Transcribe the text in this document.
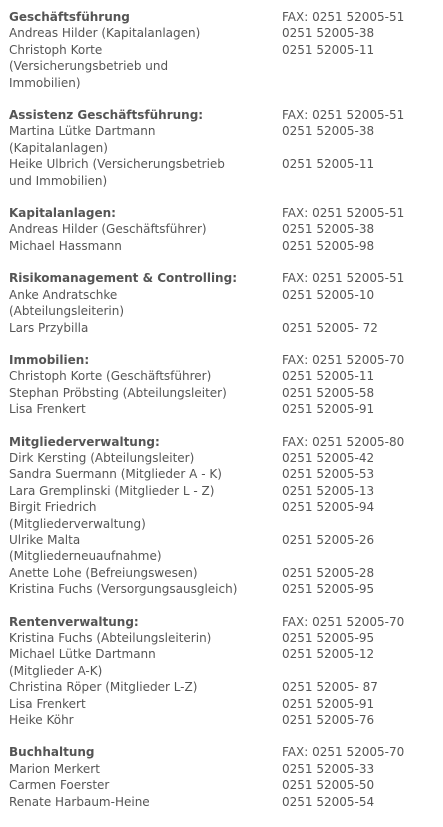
Geschäftsführung	FAX: 0251 52005-51
Andreas Hilder (Kapitalanlagen)	0251 52005-38
Christoph Korte	0251 52005-11
(Versicherungsbetrieb und
Immobilien)
Assistenz Geschäftsführung:	FAX: 0251 52005-51
Martina Lütke Dartmann	0251 52005-38
(Kapitalanlagen)
Heike Ulbrich (Versicherungsbetrieb	0251 52005-11
und Immobilien)
Kapitalanlagen:	FAX: 0251 52005-51
Andreas Hilder (Geschäftsführer)	0251 52005-38
Michael Hassmann	0251 52005-98
Risikomanagement & Controlling:	FAX: 0251 52005-51
Anke Andratschke	0251 52005-10
(Abteilungsleiterin)
Lars Przybilla	0251 52005- 72
Immobilien:	FAX: 0251 52005-70
Christoph Korte (Geschäftsführer)	0251 52005-11
Stephan Pröbsting (Abteilungsleiter)	0251 52005-58
Lisa Frenkert	0251 52005-91
Mitgliederverwaltung:	FAX: 0251 52005-80
Dirk Kersting (Abteilungsleiter)	0251 52005-42
Sandra Suermann (Mitglieder A - K)	0251 52005-53
Lara Gremplinski (Mitglieder L - Z)	0251 52005-13
Birgit Friedrich	0251 52005-94
(Mitgliederverwaltung)
Ulrike Malta	0251 52005-26
(Mitgliederneuaufnahme)
Anette Lohe (Befreiungswesen)	0251 52005-28
Kristina Fuchs (Versorgungsausgleich)	0251 52005-95
Rentenverwaltung:	FAX: 0251 52005-70
Kristina Fuchs (Abteilungsleiterin)	0251 52005-95
Michael Lütke Dartmann	0251 52005-12
(Mitglieder A-K)
Christina Röper (Mitglieder L-Z)	0251 52005- 87
Lisa Frenkert	0251 52005-91
Heike Köhr	0251 52005-76
Buchhaltung	FAX: 0251 52005-70
Marion Merkert	0251 52005-33
Carmen Foerster	0251 52005-50
Renate Harbaum-Heine	0251 52005-54
